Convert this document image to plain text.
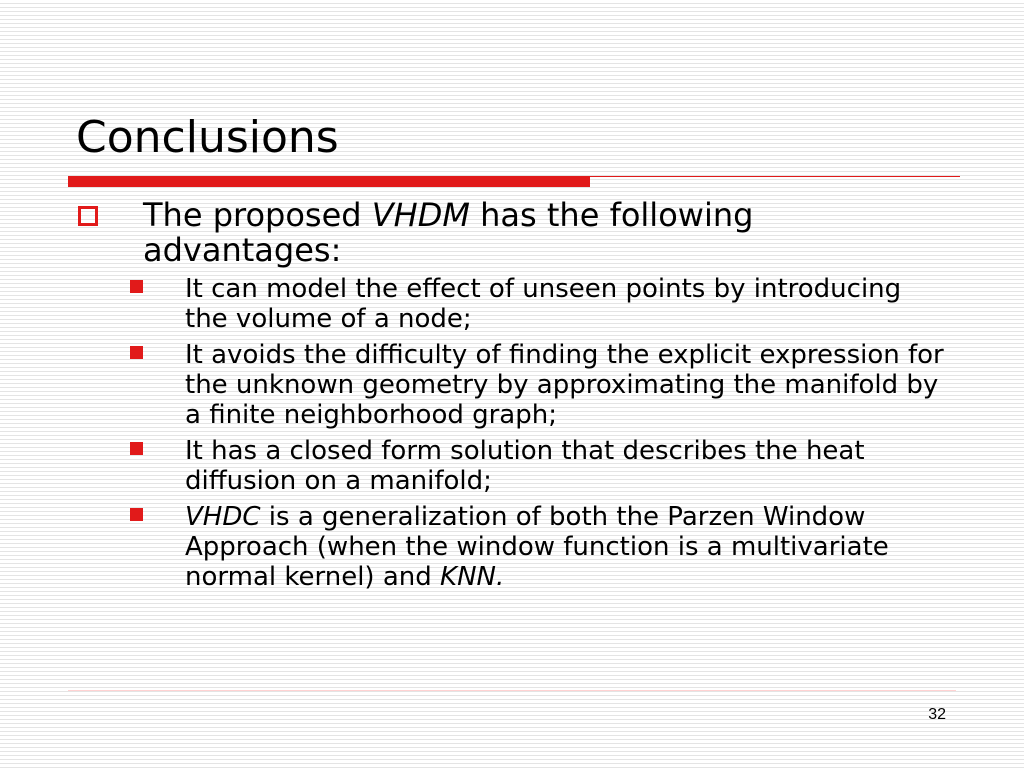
Conclusions
The proposed VHDM has the following advantages:
It can model the effect of unseen points by introducing the volume of a node;
It avoids the difficulty of finding the explicit expression for the unknown geometry by approximating the manifold by a finite neighborhood graph;
It has a closed form solution that describes the heat diffusion on a manifold;
VHDC is a generalization of both the Parzen Window Approach (when the window function is a multivariate normal kernel) and KNN.
32
